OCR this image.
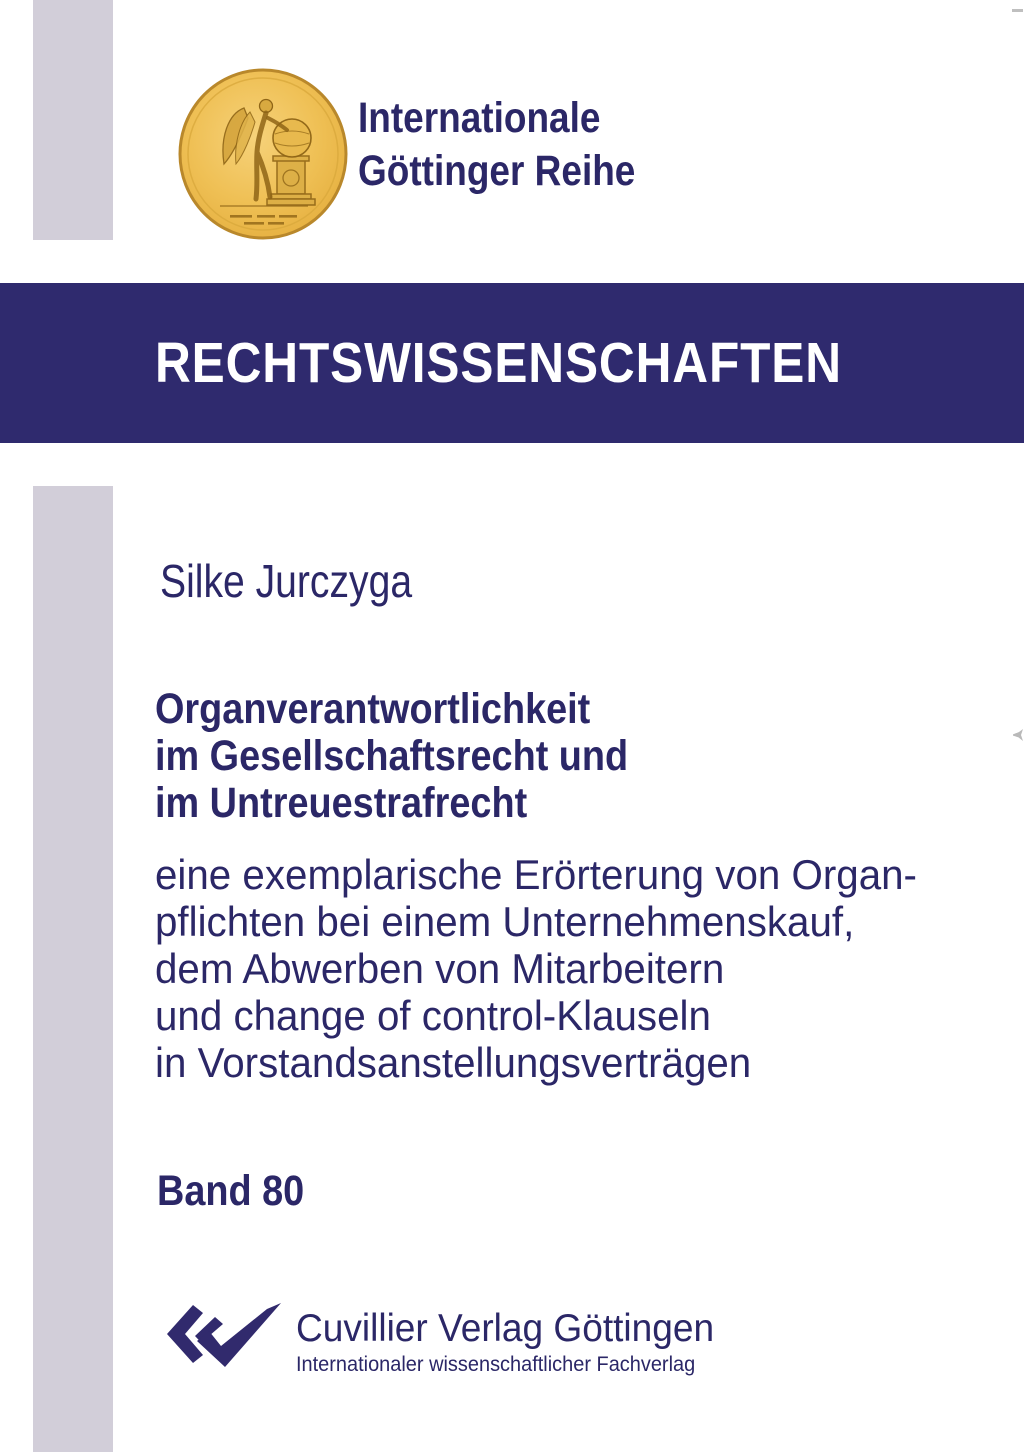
Internationale
Göttinger Reihe
RECHTSWISSENSCHAFTEN
Silke Jurczyga
Organverantwortlichkeit
im Gesellschaftsrecht und
im Untreuestrafrecht
eine exemplarische Erörterung von Organ-
pflichten bei einem Unternehmenskauf,
dem Abwerben von Mitarbeitern
und change of control-Klauseln
in Vorstandsanstellungsverträgen
Band 80
Cuvillier Verlag Göttingen
Internationaler wissenschaftlicher Fachverlag
